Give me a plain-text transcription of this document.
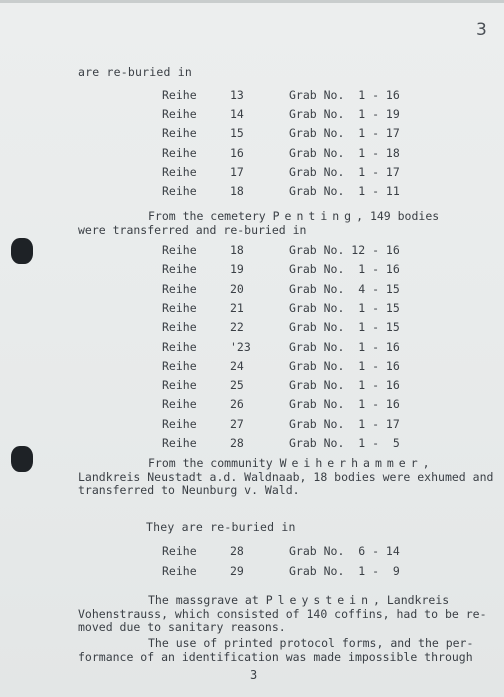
3
are re-buried in
Reihe	13	Grab No.  1 - 16
Reihe	14	Grab No.  1 - 19
Reihe	15	Grab No.  1 - 17
Reihe	16	Grab No.  1 - 18
Reihe	17	Grab No.  1 - 17
Reihe	18	Grab No.  1 - 11
From the cemetery Penting, 149 bodies
were transferred and re-buried in
Reihe	18	Grab No. 12 - 16
Reihe	19	Grab No.  1 - 16
Reihe	20	Grab No.  4 - 15
Reihe	21	Grab No.  1 - 15
Reihe	22	Grab No.  1 - 15
Reihe	'23	Grab No.  1 - 16
Reihe	24	Grab No.  1 - 16
Reihe	25	Grab No.  1 - 16
Reihe	26	Grab No.  1 - 16
Reihe	27	Grab No.  1 - 17
Reihe	28	Grab No.  1 -  5
From the community Weiherhammer,
Landkreis Neustadt a.d. Waldnaab, 18 bodies were exhumed and
transferred to Neunburg v. Wald.
They are re-buried in
Reihe	28	Grab No.  6 - 14
Reihe	29	Grab No.  1 -  9
The massgrave at Pleystein, Landkreis
Vohenstrauss, which consisted of 140 coffins, had to be re-
moved due to sanitary reasons.
The use of printed protocol forms, and the per-
formance of an identification was made impossible through
3
